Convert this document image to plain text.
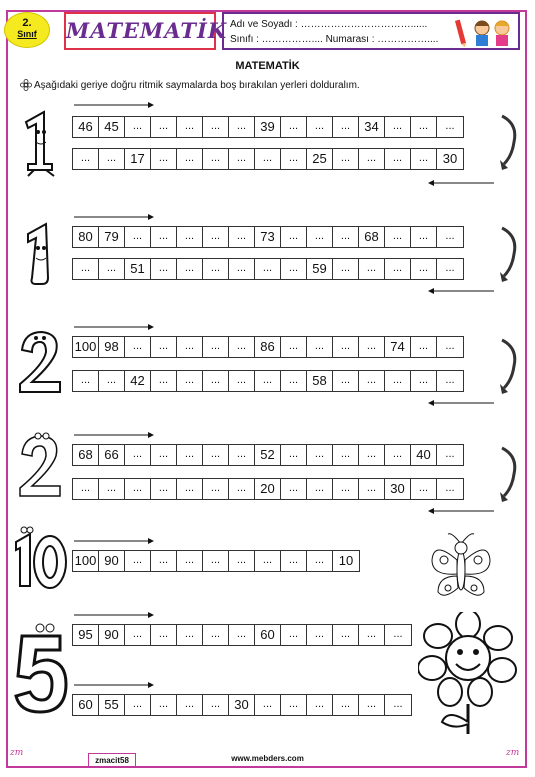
2.
Sınıf	MATEMATİK Adı ve Soyadı : ……………………………......
Sınıfı : …………….... Numarası : ……………....
MATEMATİK
Aşağıdaki geriye doğru ritmik saymalarda boş bırakılan yerleri dolduralım.
46 45	...	...	...	...	...	39	...	...	...	34	...	...	...
...	...	17	...	...	...	...	...	...	25	...	...	...	...	30
80 79	...	...	...	...	...	73	...	...	...	68	...	...	...
...	...	51	...	...	...	...	...	...	59	...	...	...	...	...
100 98	...	...	...	...	...	86	...	...	...	...	74	...	...
...	...	42	...	...	...	...	...	...	58	...	...	...	...	...
68 66	...	...	...	...	...	52	...	...	...	...	...	40	...
...	...	...	...	...	...	...	20	...	...	...	...	30	...	...
100 90	...	...	...	...	...	...	...	...	10
95 90	...	...	...	...	...	60	...	...	...	...	...
60 55	...	...	...	...	30	...	...	...	...	...	...
zm	zm
zmacit58	www.mebders.com
